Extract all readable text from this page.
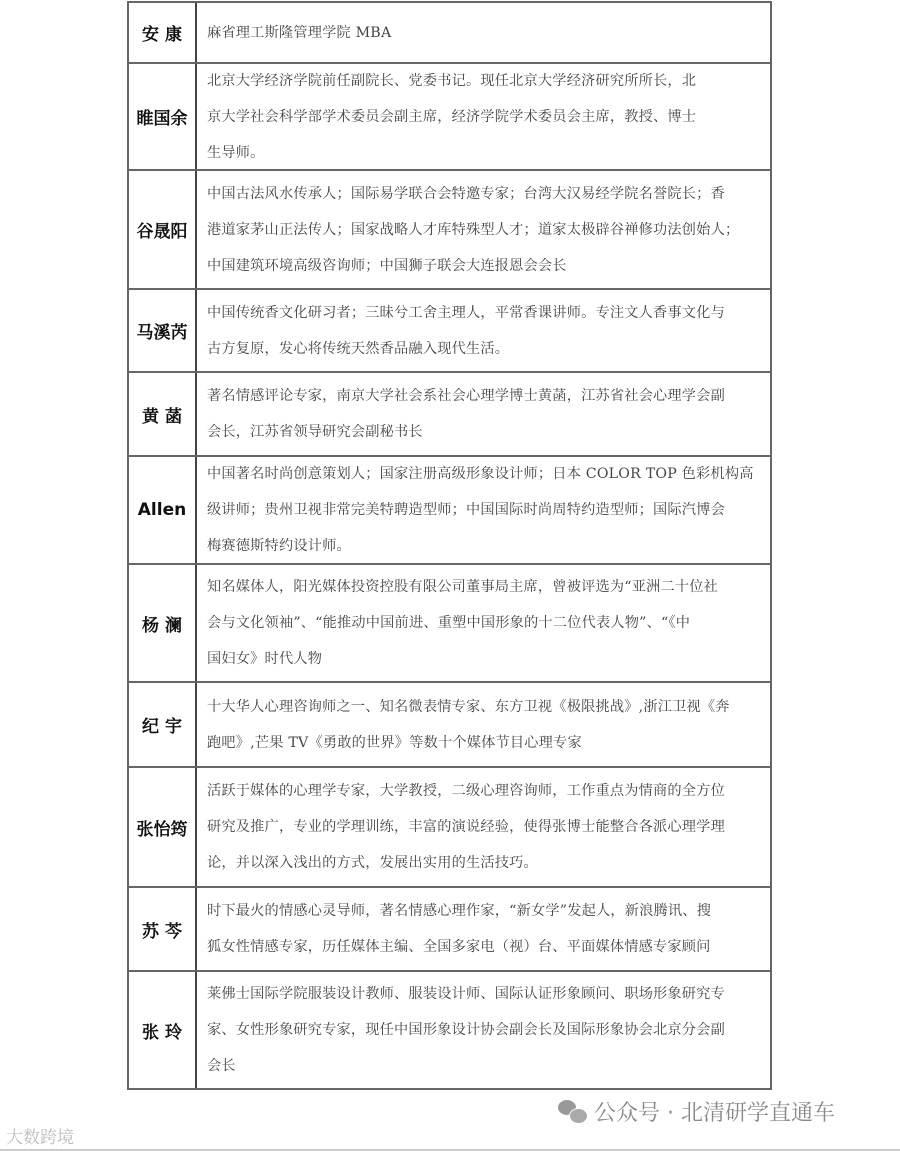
安 康	麻省理工斯隆管理学院 MBA
睢国余
北京大学经济学院前任副院长、党委书记。现任北京大学经济研究所所长，北
京大学社会科学部学术委员会副主席，经济学院学术委员会主席，教授、博士
生导师。
谷晟阳
中国古法风水传承人；国际易学联合会特邀专家；台湾大汉易经学院名誉院长；香
港道家茅山正法传人；国家战略人才库特殊型人才；道家太极辟谷禅修功法创始人；
中国建筑环境高级咨询师；中国狮子联会大连报恩会会长
马溪芮
中国传统香文化研习者；三昧兮工舍主理人，平常香课讲师。专注文人香事文化与
古方复原，发心将传统天然香品融入现代生活。
黄 菡
著名情感评论专家，南京大学社会系社会心理学博士黄菡，江苏省社会心理学会副
会长，江苏省领导研究会副秘书长
Allen
中国著名时尚创意策划人；国家注册高级形象设计师；日本 COLOR TOP 色彩机构高
级讲师；贵州卫视非常完美特聘造型师；中国国际时尚周特约造型师；国际汽博会
梅赛德斯特约设计师。
杨 澜
知名媒体人，阳光媒体投资控股有限公司董事局主席，曾被评选为“亚洲二十位社
会与文化领袖”、“能推动中国前进、重塑中国形象的十二位代表人物”、“《中
国妇女》时代人物
纪 宇
十大华人心理咨询师之一、知名微表情专家、东方卫视《极限挑战》,浙江卫视《奔
跑吧》,芒果 TV《勇敢的世界》等数十个媒体节目心理专家
张怡筠
活跃于媒体的心理学专家，大学教授，二级心理咨询师，工作重点为情商的全方位
研究及推广，专业的学理训练，丰富的演说经验，使得张博士能整合各派心理学理
论，并以深入浅出的方式，发展出实用的生活技巧。
苏 芩
时下最火的情感心灵导师，著名情感心理作家，“新女学”发起人，新浪腾讯、搜
狐女性情感专家，历任媒体主编、全国多家电（视）台、平面媒体情感专家顾问
张 玲
莱佛士国际学院服装设计教师、服装设计师、国际认证形象顾问、职场形象研究专
家、女性形象研究专家，现任中国形象设计协会副会长及国际形象协会北京分会副
会长
公众号 · 北清研学直通车
大数跨境
